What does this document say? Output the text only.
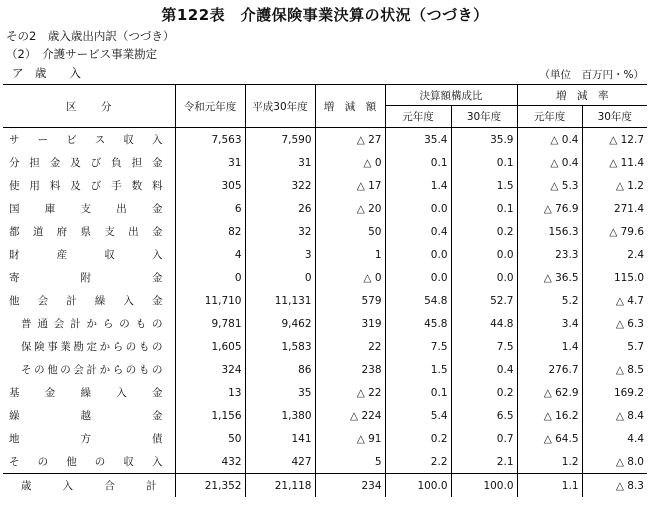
第122表　介護保険事業決算の状況（つづき）
その2　歳入歳出内訳（つづき）
（2）　介護サービス事業勘定
ア　歳　　入	（単位　百万円・%）
区　分	令和元年度	平成30年度	増　減　額	決算額構成比		増　減　率	
				元年度	30年度	元年度	30年度
サービス収入	7,563	7,590	△ 27	35.4	35.9	△ 0.4	△ 12.7
分担金及び負担金	31	31	△ 0	0.1	0.1	△ 0.4	△ 11.4
使用料及び手数料	305	322	△ 17	1.4	1.5	△ 5.3	△ 1.2
国庫支出金	6	26	△ 20	0.0	0.1	△ 76.9	271.4
都道府県支出金	82	32	50	0.4	0.2	156.3	△ 79.6
財産収入	4	3	1	0.0	0.0	23.3	2.4
寄附金	0	0	△ 0	0.0	0.0	△ 36.5	115.0
他会計繰入金	11,710	11,131	579	54.8	52.7	5.2	△ 4.7
普通会計からのもの	9,781	9,462	319	45.8	44.8	3.4	△ 6.3
保険事業勘定からのもの	1,605	1,583	22	7.5	7.5	1.4	5.7
その他の会計からのもの	324	86	238	1.5	0.4	276.7	△ 8.5
基金繰入金	13	35	△ 22	0.1	0.2	△ 62.9	169.2
繰越金	1,156	1,380	△ 224	5.4	6.5	△ 16.2	△ 8.4
地方債	50	141	△ 91	0.2	0.7	△ 64.5	4.4
その他の収入	432	427	5	2.2	2.1	1.2	△ 8.0
歳入合計	21,352	21,118	234	100.0	100.0	1.1	△ 8.3
